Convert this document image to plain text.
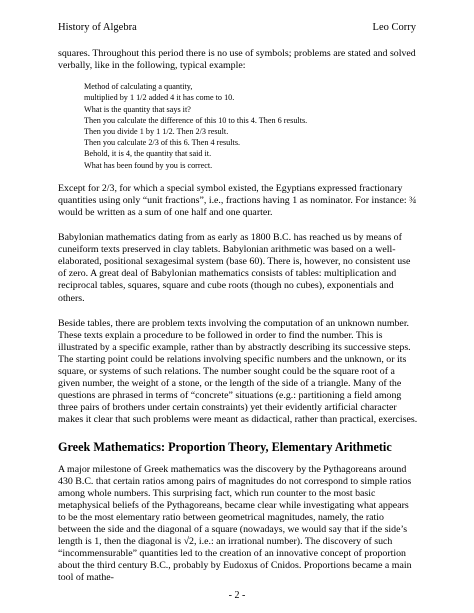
History of Algebra	Leo Corry

squares. Throughout this period there is no use of symbols; problems are stated and solved verbally, like in the following, typical example:

Method of calculating a quantity,
multiplied by 1 1/2 added 4 it has come to 10.
What is the quantity that says it?
Then you calculate the difference of this 10 to this 4. Then 6 results.
Then you divide 1 by 1 1/2. Then 2/3 result.
Then you calculate 2/3 of this 6. Then 4 results.
Behold, it is 4, the quantity that said it.
What has been found by you is correct.

Except for 2/3, for which a special symbol existed, the Egyptians expressed fractionary quantities using only “unit fractions”, i.e., fractions having 1 as nominator. For instance: ¾ would be written as a sum of one half and one quarter.

Babylonian mathematics dating from as early as 1800 B.C. has reached us by means of cuneiform texts preserved in clay tablets. Babylonian arithmetic was based on a well-elaborated, positional sexagesimal system (base 60). There is, however, no consistent use of zero. A great deal of Babylonian mathematics consists of tables: multiplication and reciprocal tables, squares, square and cube roots (though no cubes), exponentials and others.

Beside tables, there are problem texts involving the computation of an unknown number. These texts explain a procedure to be followed in order to find the number. This is illustrated by a specific example, rather than by abstractly describing its successive steps. The starting point could be relations involving specific numbers and the unknown, or its square, or systems of such relations. The number sought could be the square root of a given number, the weight of a stone, or the length of the side of a triangle. Many of the questions are phrased in terms of “concrete” situations (e.g.: partitioning a field among three pairs of brothers under certain constraints) yet their evidently artificial character makes it clear that such problems were meant as didactical, rather than practical, exercises.

Greek Mathematics: Proportion Theory, Elementary Arithmetic

A major milestone of Greek mathematics was the discovery by the Pythagoreans around 430 B.C. that certain ratios among pairs of magnitudes do not correspond to simple ratios among whole numbers. This surprising fact, which run counter to the most basic metaphysical beliefs of the Pythagoreans, became clear while investigating what appears to be the most elementary ratio between geometrical magnitudes, namely, the ratio between the side and the diagonal of a square (nowadays, we would say that if the side’s length is 1, then the diagonal is √2, i.e.: an irrational number). The discovery of such “incommensurable” quantities led to the creation of an innovative concept of proportion about the third century B.C., probably by Eudoxus of Cnidos. Proportions became a main tool of mathe-

- 2 -
